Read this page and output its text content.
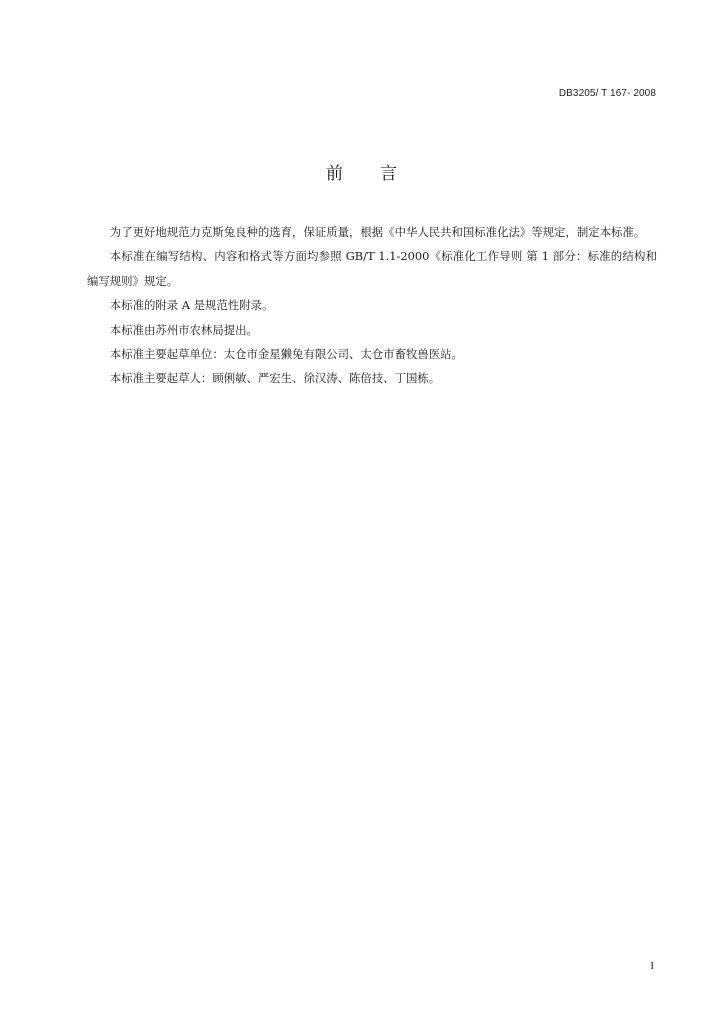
DB3205/ T 167- 2008
前 言

为了更好地规范力克斯兔良种的选育，保证质量，根据《中华人民共和国标准化法》等规定，制定本标准。

本标准在编写结构、内容和格式等方面均参照 GB/T 1.1-2000《标准化工作导则 第 1 部分：标准的结构和编写规则》规定。

本标准的附录 A 是规范性附录。

本标准由苏州市农林局提出。

本标准主要起草单位：太仓市金星獭兔有限公司、太仓市畜牧兽医站。

本标准主要起草人：顾俐敏、严宏生、徐汉涛、陈倍技、丁国栋。

I
